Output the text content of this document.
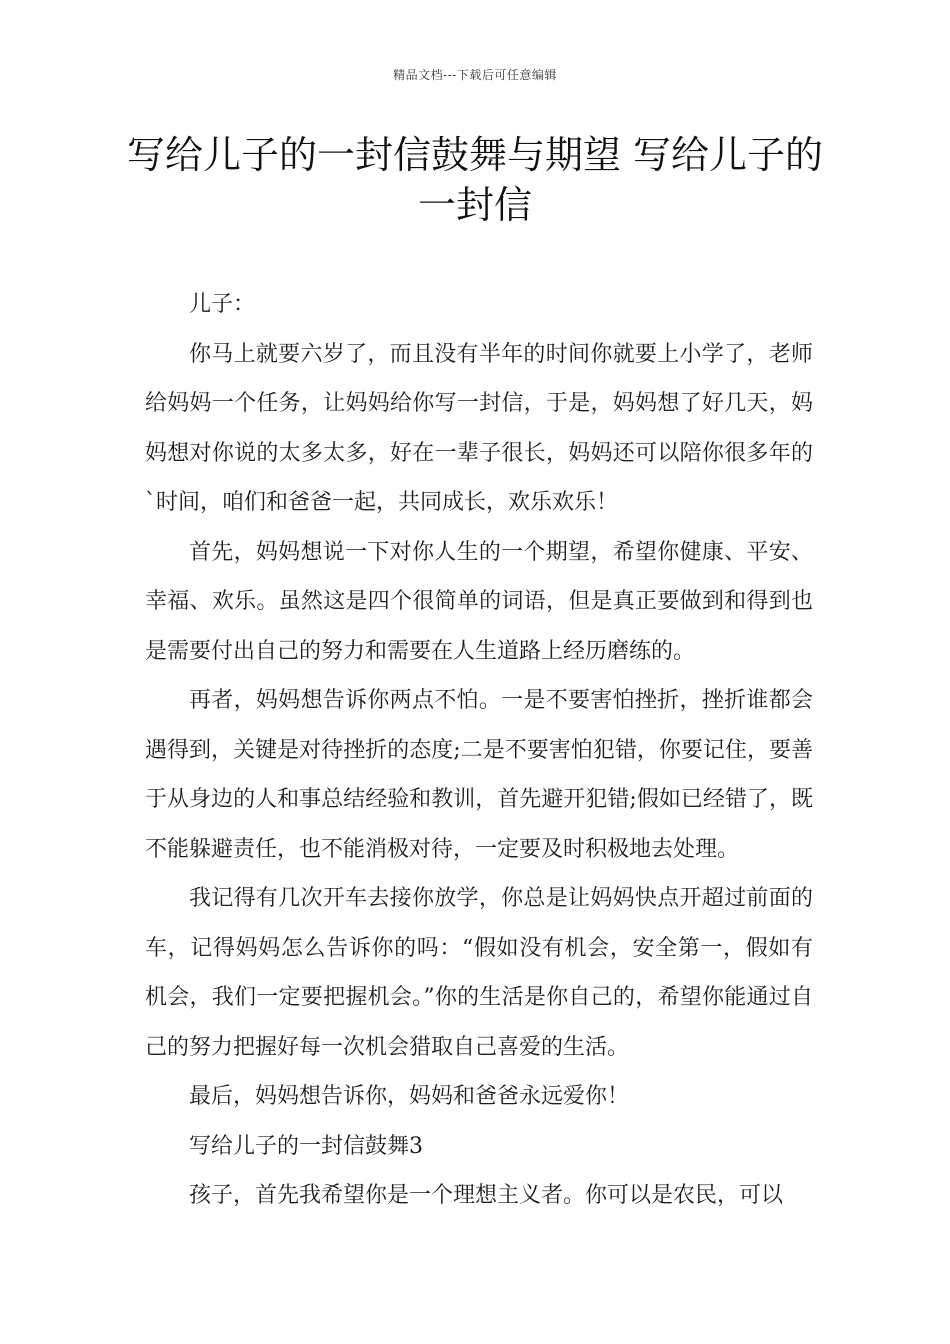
精品文档---下载后可任意编辑
写给儿子的一封信鼓舞与期望 写给儿子的一封信

儿子：

你马上就要六岁了，而且没有半年的时间你就要上小学了，老师给妈妈一个任务，让妈妈给你写一封信，于是，妈妈想了好几天，妈妈想对你说的太多太多，好在一辈子很长，妈妈还可以陪你很多年的`时间，咱们和爸爸一起，共同成长，欢乐欢乐！

首先，妈妈想说一下对你人生的一个期望，希望你健康、平安、幸福、欢乐。虽然这是四个很简单的词语，但是真正要做到和得到也是需要付出自己的努力和需要在人生道路上经历磨练的。

再者，妈妈想告诉你两点不怕。一是不要害怕挫折，挫折谁都会遇得到，关键是对待挫折的态度;二是不要害怕犯错，你要记住，要善于从身边的人和事总结经验和教训，首先避开犯错;假如已经错了，既不能躲避责任，也不能消极对待，一定要及时积极地去处理。

我记得有几次开车去接你放学，你总是让妈妈快点开超过前面的车，记得妈妈怎么告诉你的吗：“假如没有机会，安全第一，假如有机会，我们一定要把握机会。”你的生活是你自己的，希望你能通过自己的努力把握好每一次机会猎取自己喜爱的生活。

最后，妈妈想告诉你，妈妈和爸爸永远爱你！

写给儿子的一封信鼓舞3

孩子，首先我希望你是一个理想主义者。你可以是农民，可以
